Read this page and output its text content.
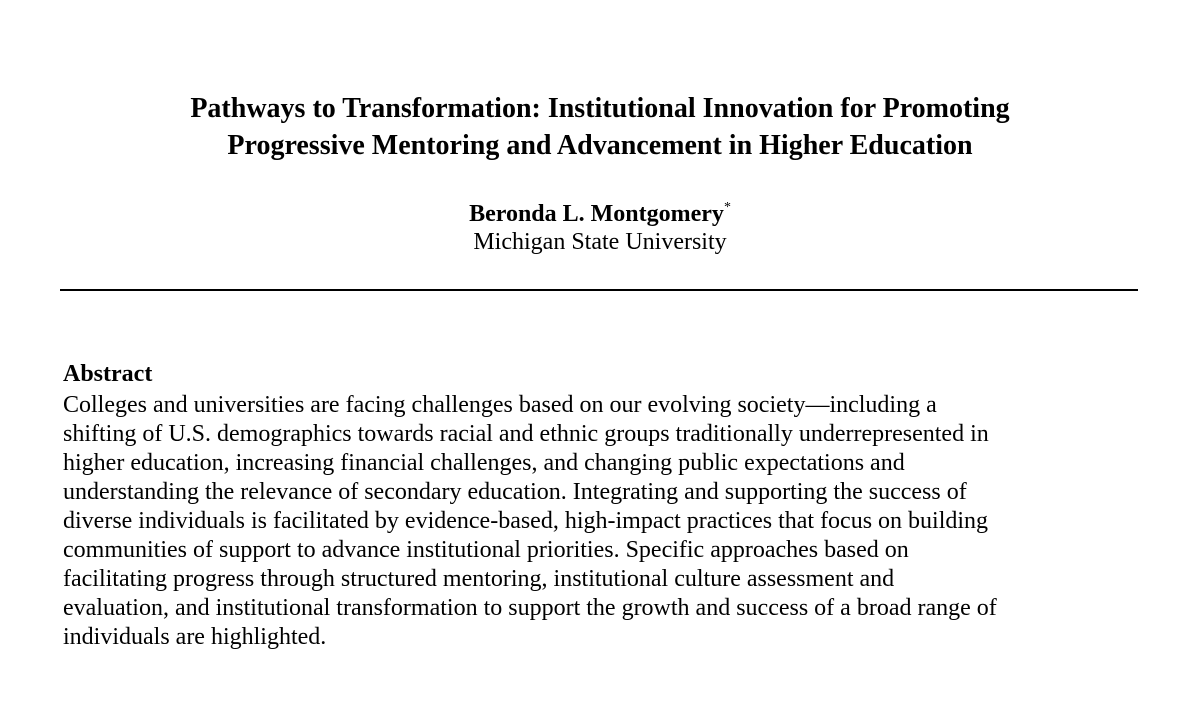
Pathways to Transformation: Institutional Innovation for Promoting
Progressive Mentoring and Advancement in Higher Education
Beronda L. Montgomery*
Michigan State University
Abstract
Colleges and universities are facing challenges based on our evolving society—including a
shifting of U.S. demographics towards racial and ethnic groups traditionally underrepresented in
higher education, increasing financial challenges, and changing public expectations and
understanding the relevance of secondary education. Integrating and supporting the success of
diverse individuals is facilitated by evidence-based, high-impact practices that focus on building
communities of support to advance institutional priorities. Specific approaches based on
facilitating progress through structured mentoring, institutional culture assessment and
evaluation, and institutional transformation to support the growth and success of a broad range of
individuals are highlighted.
